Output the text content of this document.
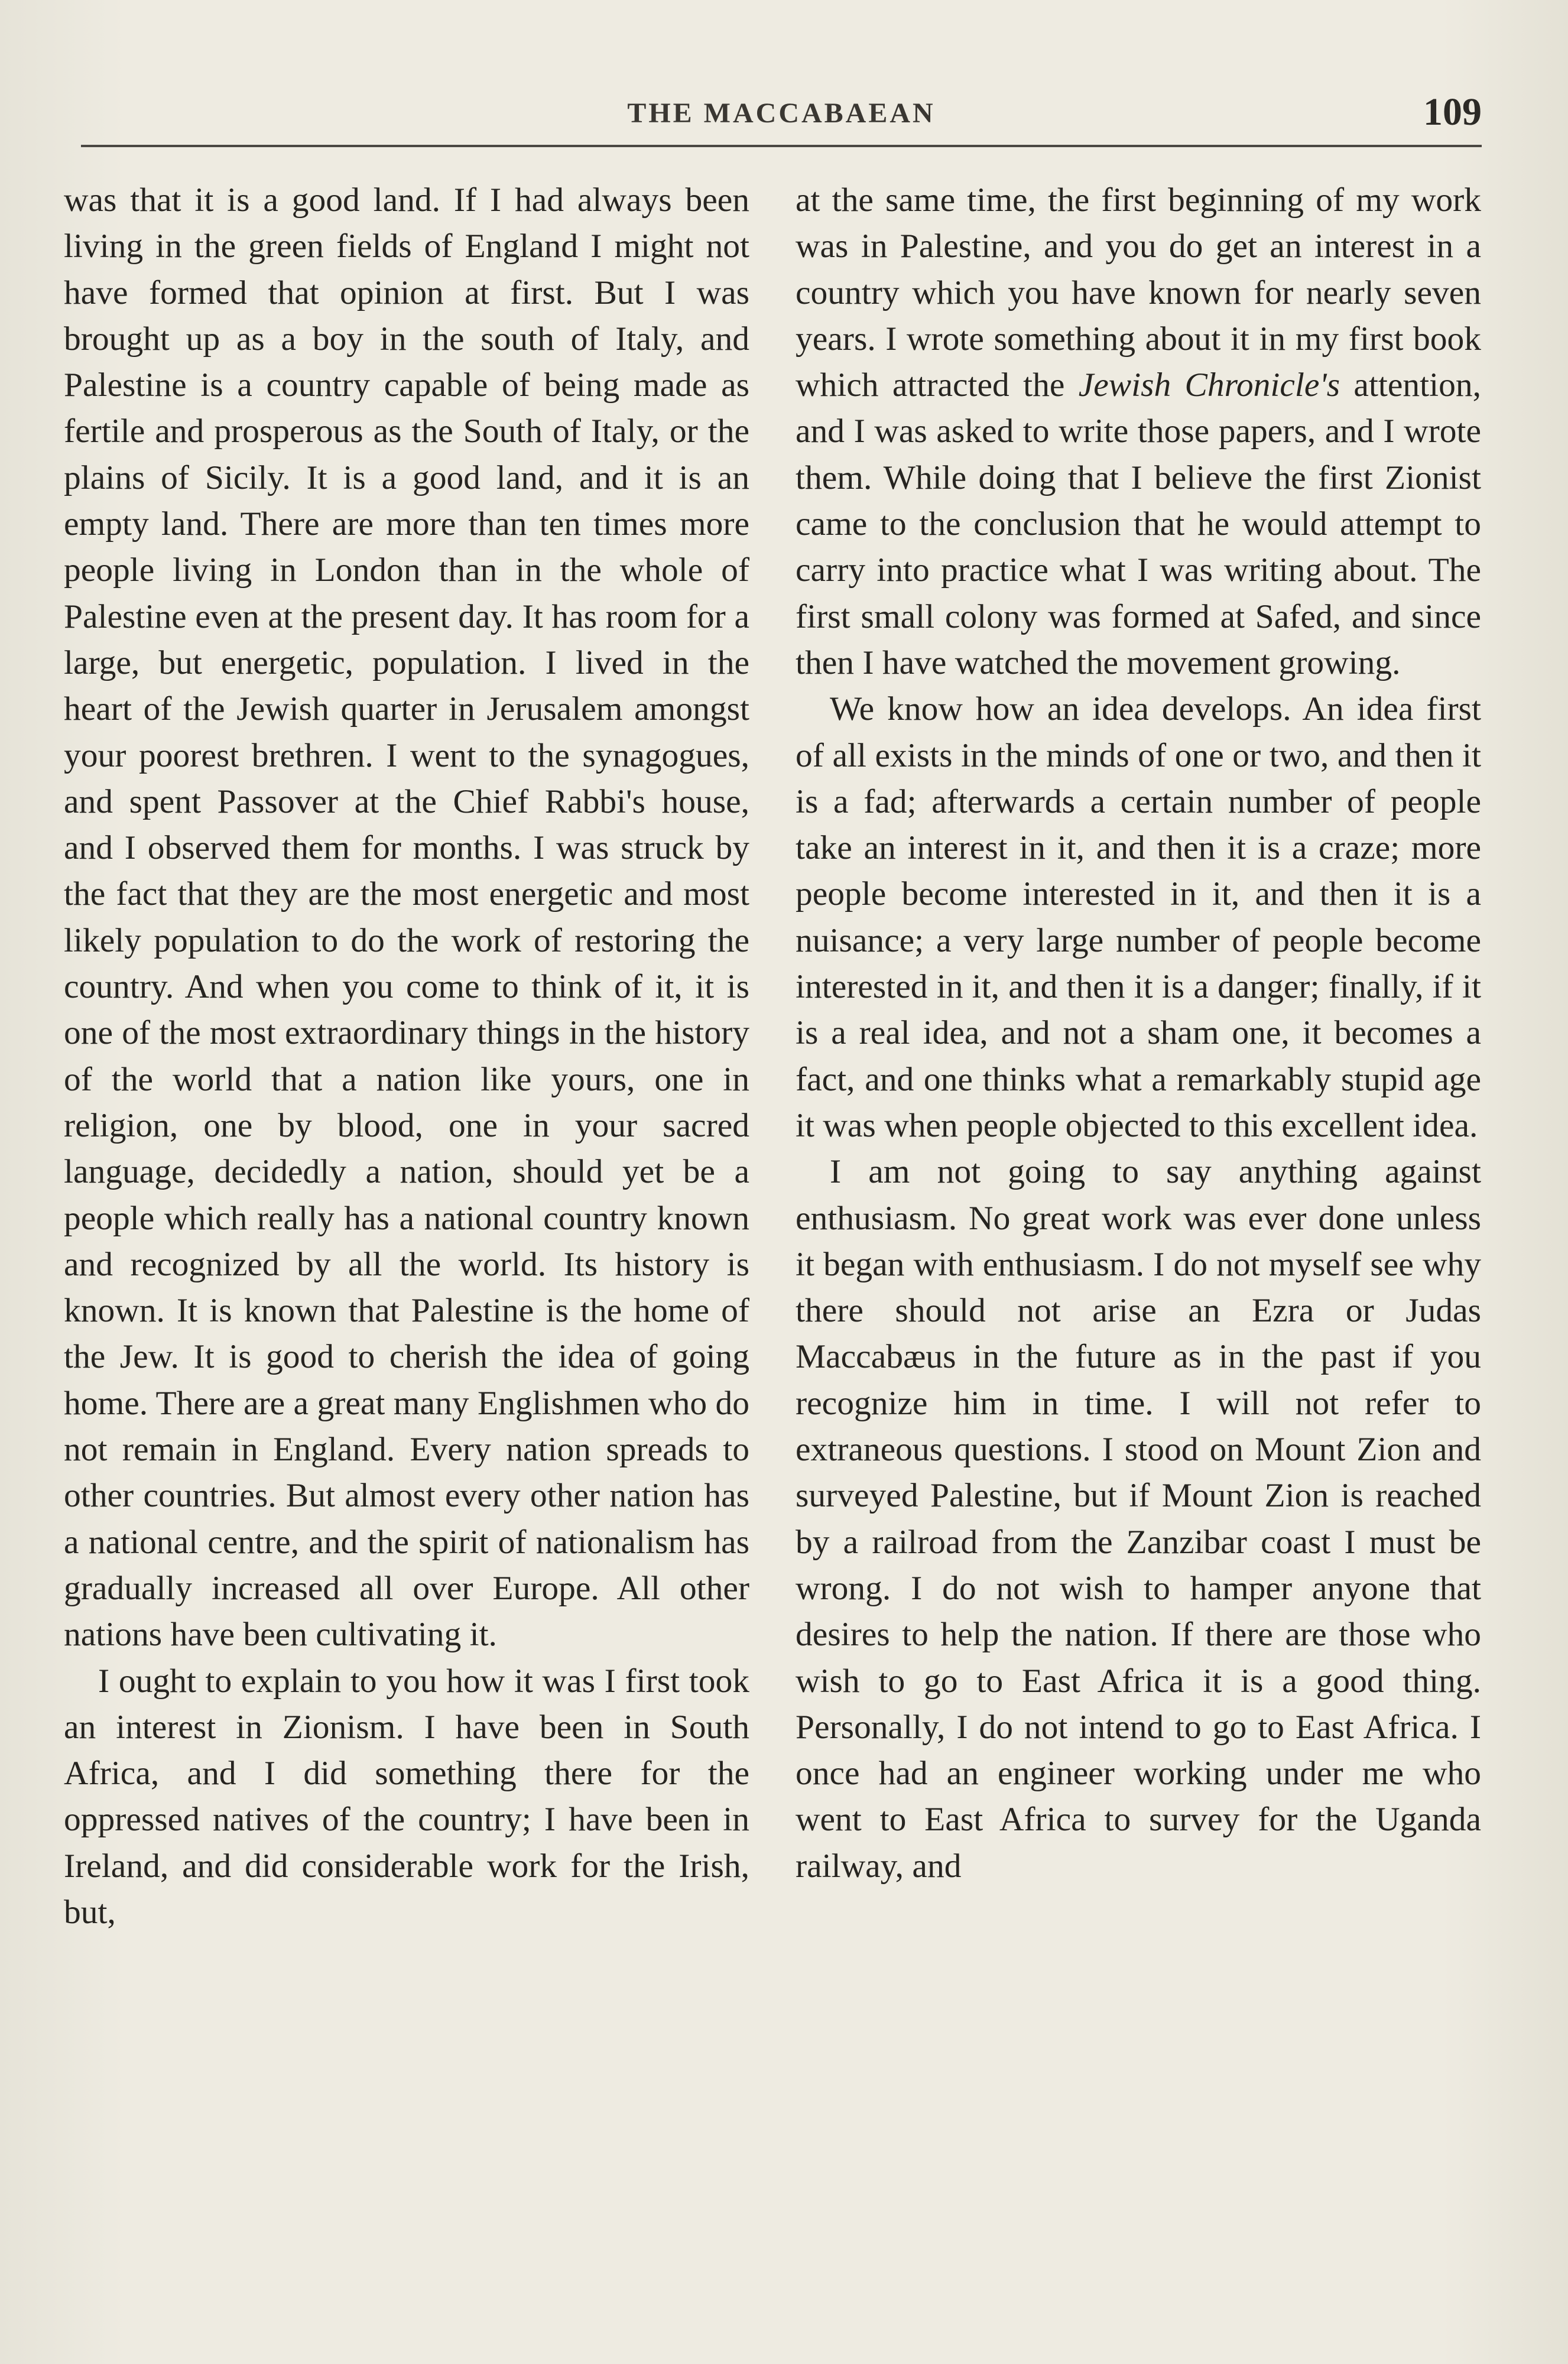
THE MACCABAEAN	109

was that it is a good land. If I had always been living in the green fields of England I might not have formed that opinion at first. But I was brought up as a boy in the south of Italy, and Palestine is a country capable of being made as fertile and prosperous as the South of Italy, or the plains of Sicily. It is a good land, and it is an empty land. There are more than ten times more people living in London than in the whole of Palestine even at the present day. It has room for a large, but energetic, population. I lived in the heart of the Jewish quarter in Jerusalem amongst your poorest brethren. I went to the synagogues, and spent Passover at the Chief Rabbi's house, and I observed them for months. I was struck by the fact that they are the most energetic and most likely population to do the work of restoring the country. And when you come to think of it, it is one of the most extraordinary things in the history of the world that a nation like yours, one in religion, one by blood, one in your sacred language, decidedly a nation, should yet be a people which really has a national country known and recognized by all the world. Its history is known. It is known that Palestine is the home of the Jew. It is good to cherish the idea of going home. There are a great many Englishmen who do not remain in England. Every nation spreads to other countries. But almost every other nation has a national centre, and the spirit of nationalism has gradually increased all over Europe. All other nations have been cultivating it.

I ought to explain to you how it was I first took an interest in Zionism. I have been in South Africa, and I did something there for the oppressed natives of the country; I have been in Ireland, and did considerable work for the Irish, but,

at the same time, the first beginning of my work was in Palestine, and you do get an interest in a country which you have known for nearly seven years. I wrote something about it in my first book which attracted the Jewish Chronicle's attention, and I was asked to write those papers, and I wrote them. While doing that I believe the first Zionist came to the conclusion that he would attempt to carry into practice what I was writing about. The first small colony was formed at Safed, and since then I have watched the movement growing.

We know how an idea develops. An idea first of all exists in the minds of one or two, and then it is a fad; afterwards a certain number of people take an interest in it, and then it is a craze; more people become interested in it, and then it is a nuisance; a very large number of people become interested in it, and then it is a danger; finally, if it is a real idea, and not a sham one, it becomes a fact, and one thinks what a remarkably stupid age it was when people objected to this excellent idea.

I am not going to say anything against enthusiasm. No great work was ever done unless it began with enthusiasm. I do not myself see why there should not arise an Ezra or Judas Maccabæus in the future as in the past if you recognize him in time. I will not refer to extraneous questions. I stood on Mount Zion and surveyed Palestine, but if Mount Zion is reached by a railroad from the Zanzibar coast I must be wrong. I do not wish to hamper anyone that desires to help the nation. If there are those who wish to go to East Africa it is a good thing. Personally, I do not intend to go to East Africa. I once had an engineer working under me who went to East Africa to survey for the Uganda railway, and
